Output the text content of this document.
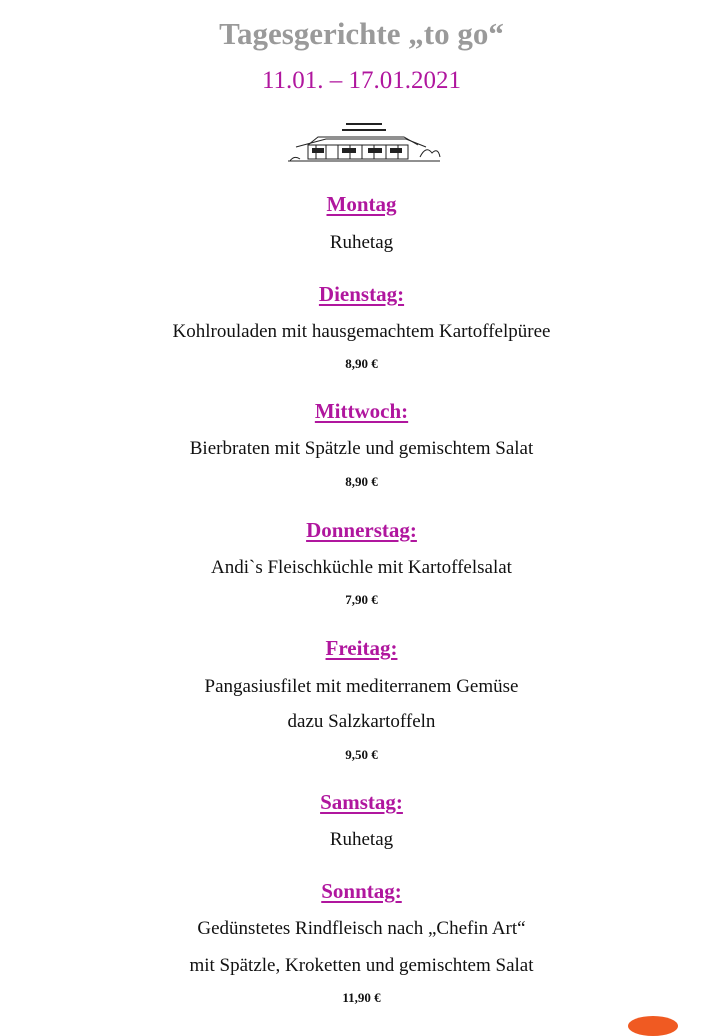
Tagesgerichte „to go“
11.01. – 17.01.2021
Montag
Ruhetag
Dienstag:
Kohlrouladen mit hausgemachtem Kartoffelpüree
8,90 €
Mittwoch:
Bierbraten mit Spätzle und gemischtem Salat
8,90 €
Donnerstag:
Andi`s Fleischküchle mit Kartoffelsalat
7,90 €
Freitag:
Pangasiusfilet mit mediterranem Gemüse
dazu Salzkartoffeln
9,50 €
Samstag:
Ruhetag
Sonntag:
Gedünstetes Rindfleisch nach „Chefin Art“
mit Spätzle, Kroketten und gemischtem Salat
11,90 €
